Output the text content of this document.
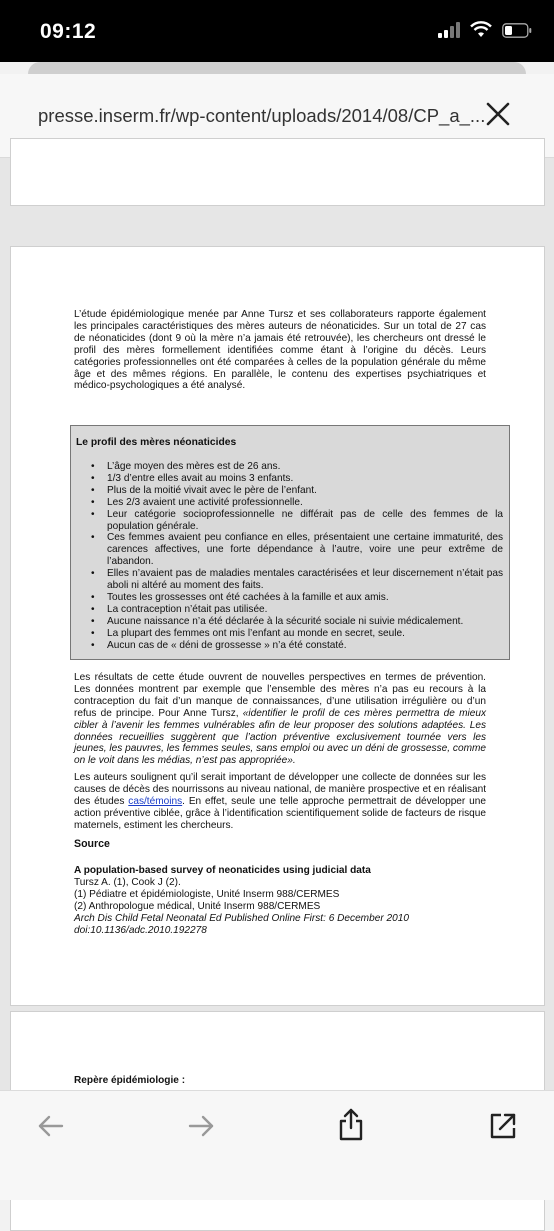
09:12
presse.inserm.fr/wp-content/uploads/2014/08/CP_a_...

L’étude épidémiologique menée par Anne Tursz et ses collaborateurs rapporte également les principales caractéristiques des mères auteurs de néonaticides. Sur un total de 27 cas de néonaticides (dont 9 où la mère n’a jamais été retrouvée), les chercheurs ont dressé le profil des mères formellement identifiées comme étant à l’origine du décès. Leurs catégories professionnelles ont été comparées à celles de la population générale du même âge et des mêmes régions. En parallèle, le contenu des expertises psychiatriques et médico-psychologiques a été analysé.

Le profil des mères néonaticides
• L’âge moyen des mères est de 26 ans.
• 1/3 d’entre elles avait au moins 3 enfants.
• Plus de la moitié vivait avec le père de l’enfant.
• Les 2/3 avaient une activité professionnelle.
• Leur catégorie socioprofessionnelle ne différait pas de celle des femmes de la population générale.
• Ces femmes avaient peu confiance en elles, présentaient une certaine immaturité, des carences affectives, une forte dépendance à l’autre, voire une peur extrême de l’abandon.
• Elles n’avaient pas de maladies mentales caractérisées et leur discernement n’était pas aboli ni altéré au moment des faits.
• Toutes les grossesses ont été cachées à la famille et aux amis.
• La contraception n’était pas utilisée.
• Aucune naissance n’a été déclarée à la sécurité sociale ni suivie médicalement.
• La plupart des femmes ont mis l’enfant au monde en secret, seule.
• Aucun cas de « déni de grossesse » n’a été constaté.

Les résultats de cette étude ouvrent de nouvelles perspectives en termes de prévention. Les données montrent par exemple que l’ensemble des mères n’a pas eu recours à la contraception du fait d’un manque de connaissances, d’une utilisation irrégulière ou d’un refus de principe. Pour Anne Tursz, «identifier le profil de ces mères permettra de mieux cibler à l’avenir les femmes vulnérables afin de leur proposer des solutions adaptées. Les données recueillies suggèrent que l’action préventive exclusivement tournée vers les jeunes, les pauvres, les femmes seules, sans emploi ou avec un déni de grossesse, comme on le voit dans les médias, n’est pas appropriée».

Les auteurs soulignent qu’il serait important de développer une collecte de données sur les causes de décès des nourrissons au niveau national, de manière prospective et en réalisant des études cas/témoins. En effet, seule une telle approche permettrait de développer une action préventive ciblée, grâce à l’identification scientifiquement solide de facteurs de risque maternels, estiment les chercheurs.

Source
A population-based survey of neonaticides using judicial data
Tursz A. (1), Cook J (2).
(1) Pédiatre et épidémiologiste, Unité Inserm 988/CERMES
(2) Anthropologue médical, Unité Inserm 988/CERMES
Arch Dis Child Fetal Neonatal Ed Published Online First: 6 December 2010
doi:10.1136/adc.2010.192278
Repère épidémiologie :
